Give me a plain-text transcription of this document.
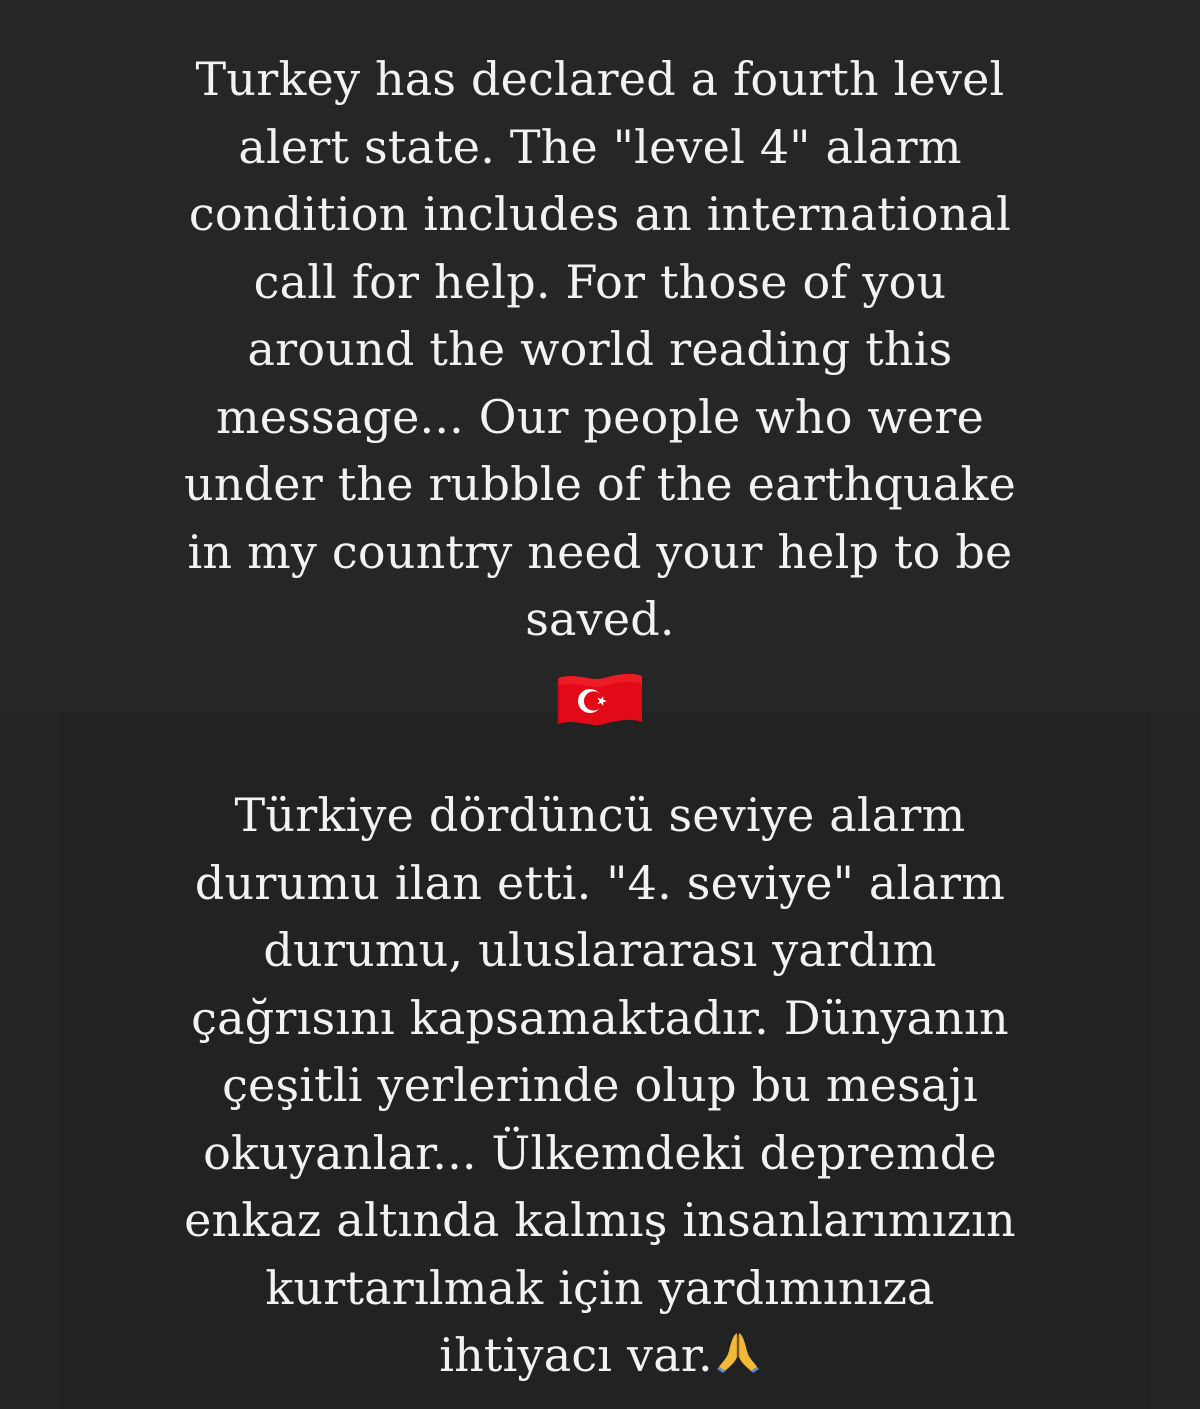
Turkey has declared a fourth level
alert state. The "level 4" alarm
condition includes an international
call for help. For those of you
around the world reading this
message... Our people who were
under the rubble of the earthquake
in my country need your help to be
saved.
Türkiye dördüncü seviye alarm
durumu ilan etti. "4. seviye" alarm
durumu, uluslararası yardım
çağrısını kapsamaktadır. Dünyanın
çeşitli yerlerinde olup bu mesajı
okuyanlar... Ülkemdeki depremde
enkaz altında kalmış insanlarımızın
kurtarılmak için yardımınıza
ihtiyacı var.
